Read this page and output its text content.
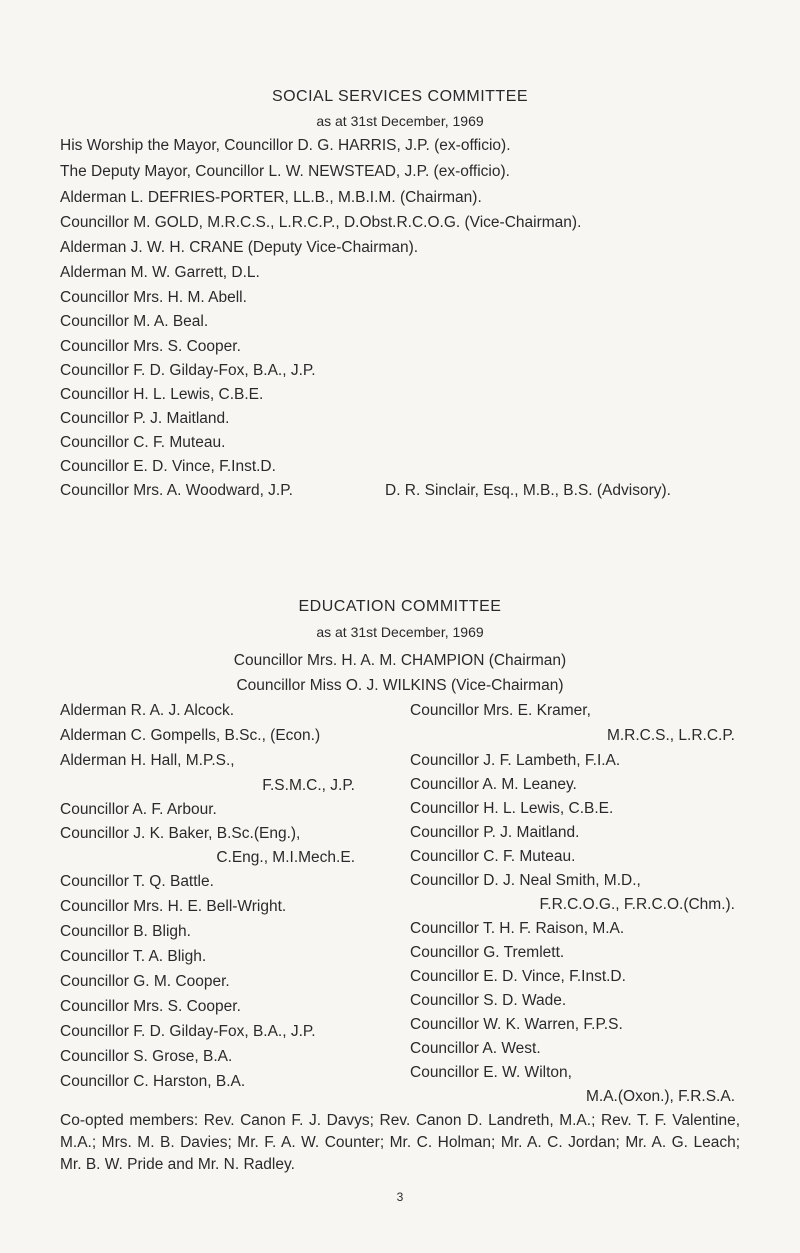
SOCIAL SERVICES COMMITTEE
as at 31st December, 1969
His Worship the Mayor, Councillor D. G. HARRIS, J.P. (ex-officio).
The Deputy Mayor, Councillor L. W. NEWSTEAD, J.P. (ex-officio).
Alderman L. DEFRIES-PORTER, LL.B., M.B.I.M. (Chairman).
Councillor M. GOLD, M.R.C.S., L.R.C.P., D.Obst.R.C.O.G. (Vice-Chairman).
Alderman J. W. H. CRANE (Deputy Vice-Chairman).
Alderman M. W. Garrett, D.L.
Councillor Mrs. H. M. Abell.
Councillor M. A. Beal.
Councillor Mrs. S. Cooper.
Councillor F. D. Gilday-Fox, B.A., J.P.
Councillor H. L. Lewis, C.B.E.
Councillor P. J. Maitland.
Councillor C. F. Muteau.
Councillor E. D. Vince, F.Inst.D.
Councillor Mrs. A. Woodward, J.P.	D. R. Sinclair, Esq., M.B., B.S. (Advisory).
EDUCATION COMMITTEE
as at 31st December, 1969
Councillor Mrs. H. A. M. CHAMPION (Chairman)
Councillor Miss O. J. WILKINS (Vice-Chairman)
Alderman R. A. J. Alcock.
Alderman C. Gompells, B.Sc., (Econ.)
Alderman H. Hall, M.P.S.,
F.S.M.C., J.P.
Councillor A. F. Arbour.
Councillor J. K. Baker, B.Sc.(Eng.),
C.Eng., M.I.Mech.E.
Councillor T. Q. Battle.
Councillor Mrs. H. E. Bell-Wright.
Councillor B. Bligh.
Councillor T. A. Bligh.
Councillor G. M. Cooper.
Councillor Mrs. S. Cooper.
Councillor F. D. Gilday-Fox, B.A., J.P.
Councillor S. Grose, B.A.
Councillor C. Harston, B.A.
Councillor Mrs. E. Kramer,
M.R.C.S., L.R.C.P.
Councillor J. F. Lambeth, F.I.A.
Councillor A. M. Leaney.
Councillor H. L. Lewis, C.B.E.
Councillor P. J. Maitland.
Councillor C. F. Muteau.
Councillor D. J. Neal Smith, M.D.,
F.R.C.O.G., F.R.C.O.(Chm.).
Councillor T. H. F. Raison, M.A.
Councillor G. Tremlett.
Councillor E. D. Vince, F.Inst.D.
Councillor S. D. Wade.
Councillor W. K. Warren, F.P.S.
Councillor A. West.
Councillor E. W. Wilton,
M.A.(Oxon.), F.R.S.A.
Co-opted members: Rev. Canon F. J. Davys; Rev. Canon D. Landreth, M.A.; Rev. T. F. Valentine, M.A.; Mrs. M. B. Davies; Mr. F. A. W. Counter; Mr. C. Holman; Mr. A. C. Jordan; Mr. A. G. Leach; Mr. B. W. Pride and Mr. N. Radley.
3
